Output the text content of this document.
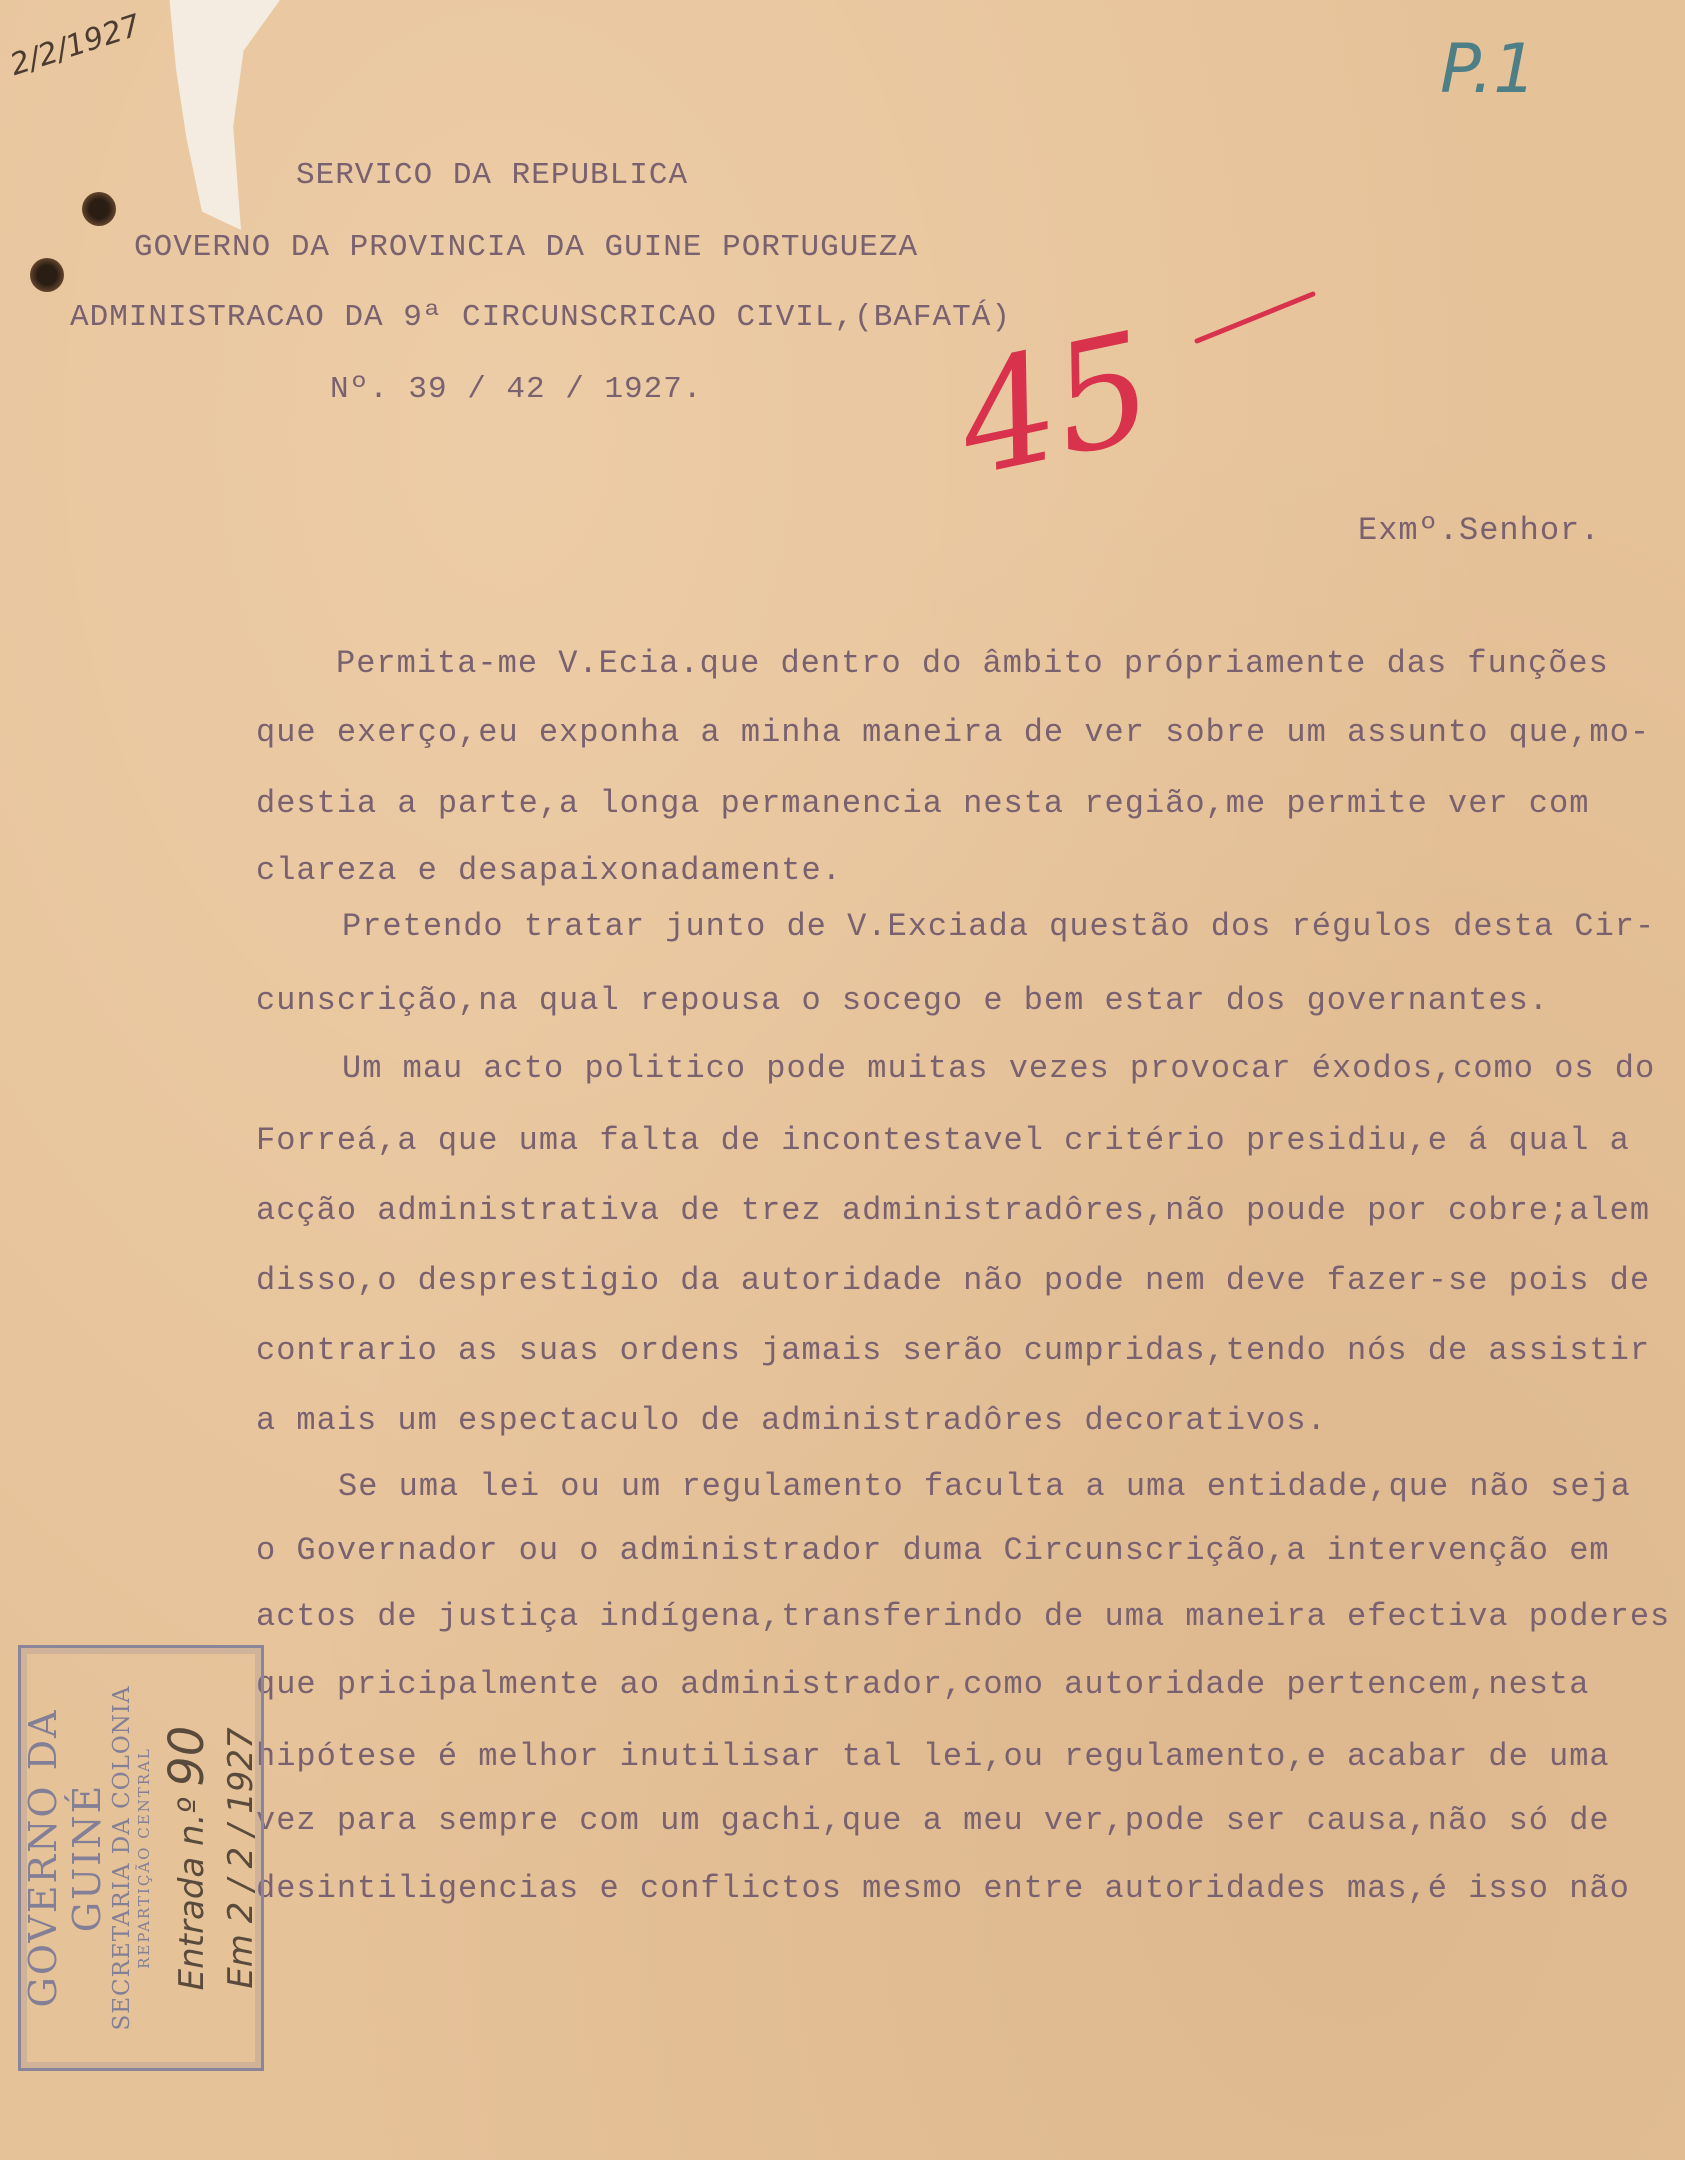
2/2/1927	P.1
SERVICO DA REPUBLICA
GOVERNO DA PROVINCIA DA GUINE PORTUGUEZA
ADMINISTRACAO DA 9ª CIRCUNSCRICAO CIVIL,(BAFATÁ)
Nº. 39 / 42 / 1927. 45
Exmº.Senhor.
Permita-me V.Ecia.que dentro do âmbito própriamente das funções
que exerço,eu exponha a minha maneira de ver sobre um assunto que,mo-
destia a parte,a longa permanencia nesta região,me permite ver com
clareza e desapaixonadamente.
Pretendo tratar junto de V.Exciada questão dos régulos desta Cir-
cunscrição,na qual repousa o socego e bem estar dos governantes.
Um mau acto politico pode muitas vezes provocar éxodos,como os do
Forreá,a que uma falta de incontestavel critério presidiu,e á qual a
acção administrativa de trez administradôres,não poude por cobre;alem
disso,o desprestigio da autoridade não pode nem deve fazer-se pois de
contrario as suas ordens jamais serão cumpridas,tendo nós de assistir
a mais um espectaculo de administradôres decorativos.
Se uma lei ou um regulamento faculta a uma entidade,que não seja
o Governador ou o administrador duma Circunscrição,a intervenção em
actos de justiça indígena,transferindo de uma maneira efectiva poderes
que pricipalmente ao administrador,como autoridade pertencem,nesta
hipótese é melhor inutilisar tal lei,ou regulamento,e acabar de uma
vez para sempre com um gachi,que a meu ver,pode ser causa,não só de
desintiligencias e conflictos mesmo entre autoridades mas,é isso não
GOVERNO DA GUINÉ SECRETARIA DA COLONIA REPARTIÇÃO CENTRAL Entrada n.º 90 Em 2 / 2 / 1927
